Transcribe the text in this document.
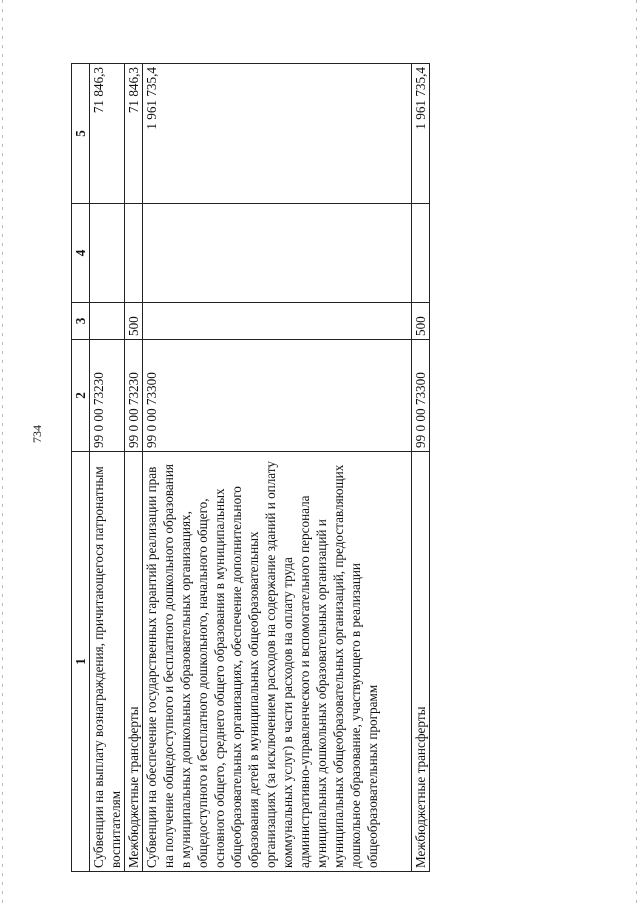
734
1	2	3	4	5
Субвенции на выплату вознаграждения, причитающегося патронатным воспитателям	99 0 00 73230			71 846,3
Межбюджетные трансферты	99 0 00 73230	500		71 846,3
Субвенции на обеспечение государственных гарантий реализации прав на получение общедоступного и бесплатного дошкольного образования в муниципальных дошкольных образовательных организациях, общедоступного и бесплатного дошкольного, начального общего, основного общего, среднего общего образования в муниципальных общеобразовательных организациях, обеспечение дополнительного образования детей в муниципальных общеобразовательных организациях (за исключением расходов на содержание зданий и оплату коммунальных услуг) в части расходов на оплату труда административно-управленческого и вспомогательного персонала муниципальных дошкольных образовательных организаций и муниципальных общеобразовательных организаций, предоставляющих дошкольное образование, участвующего в реализации общеобразовательных программ	99 0 00 73300			1 961 735,4
Межбюджетные трансферты	99 0 00 73300	500		1 961 735,4
